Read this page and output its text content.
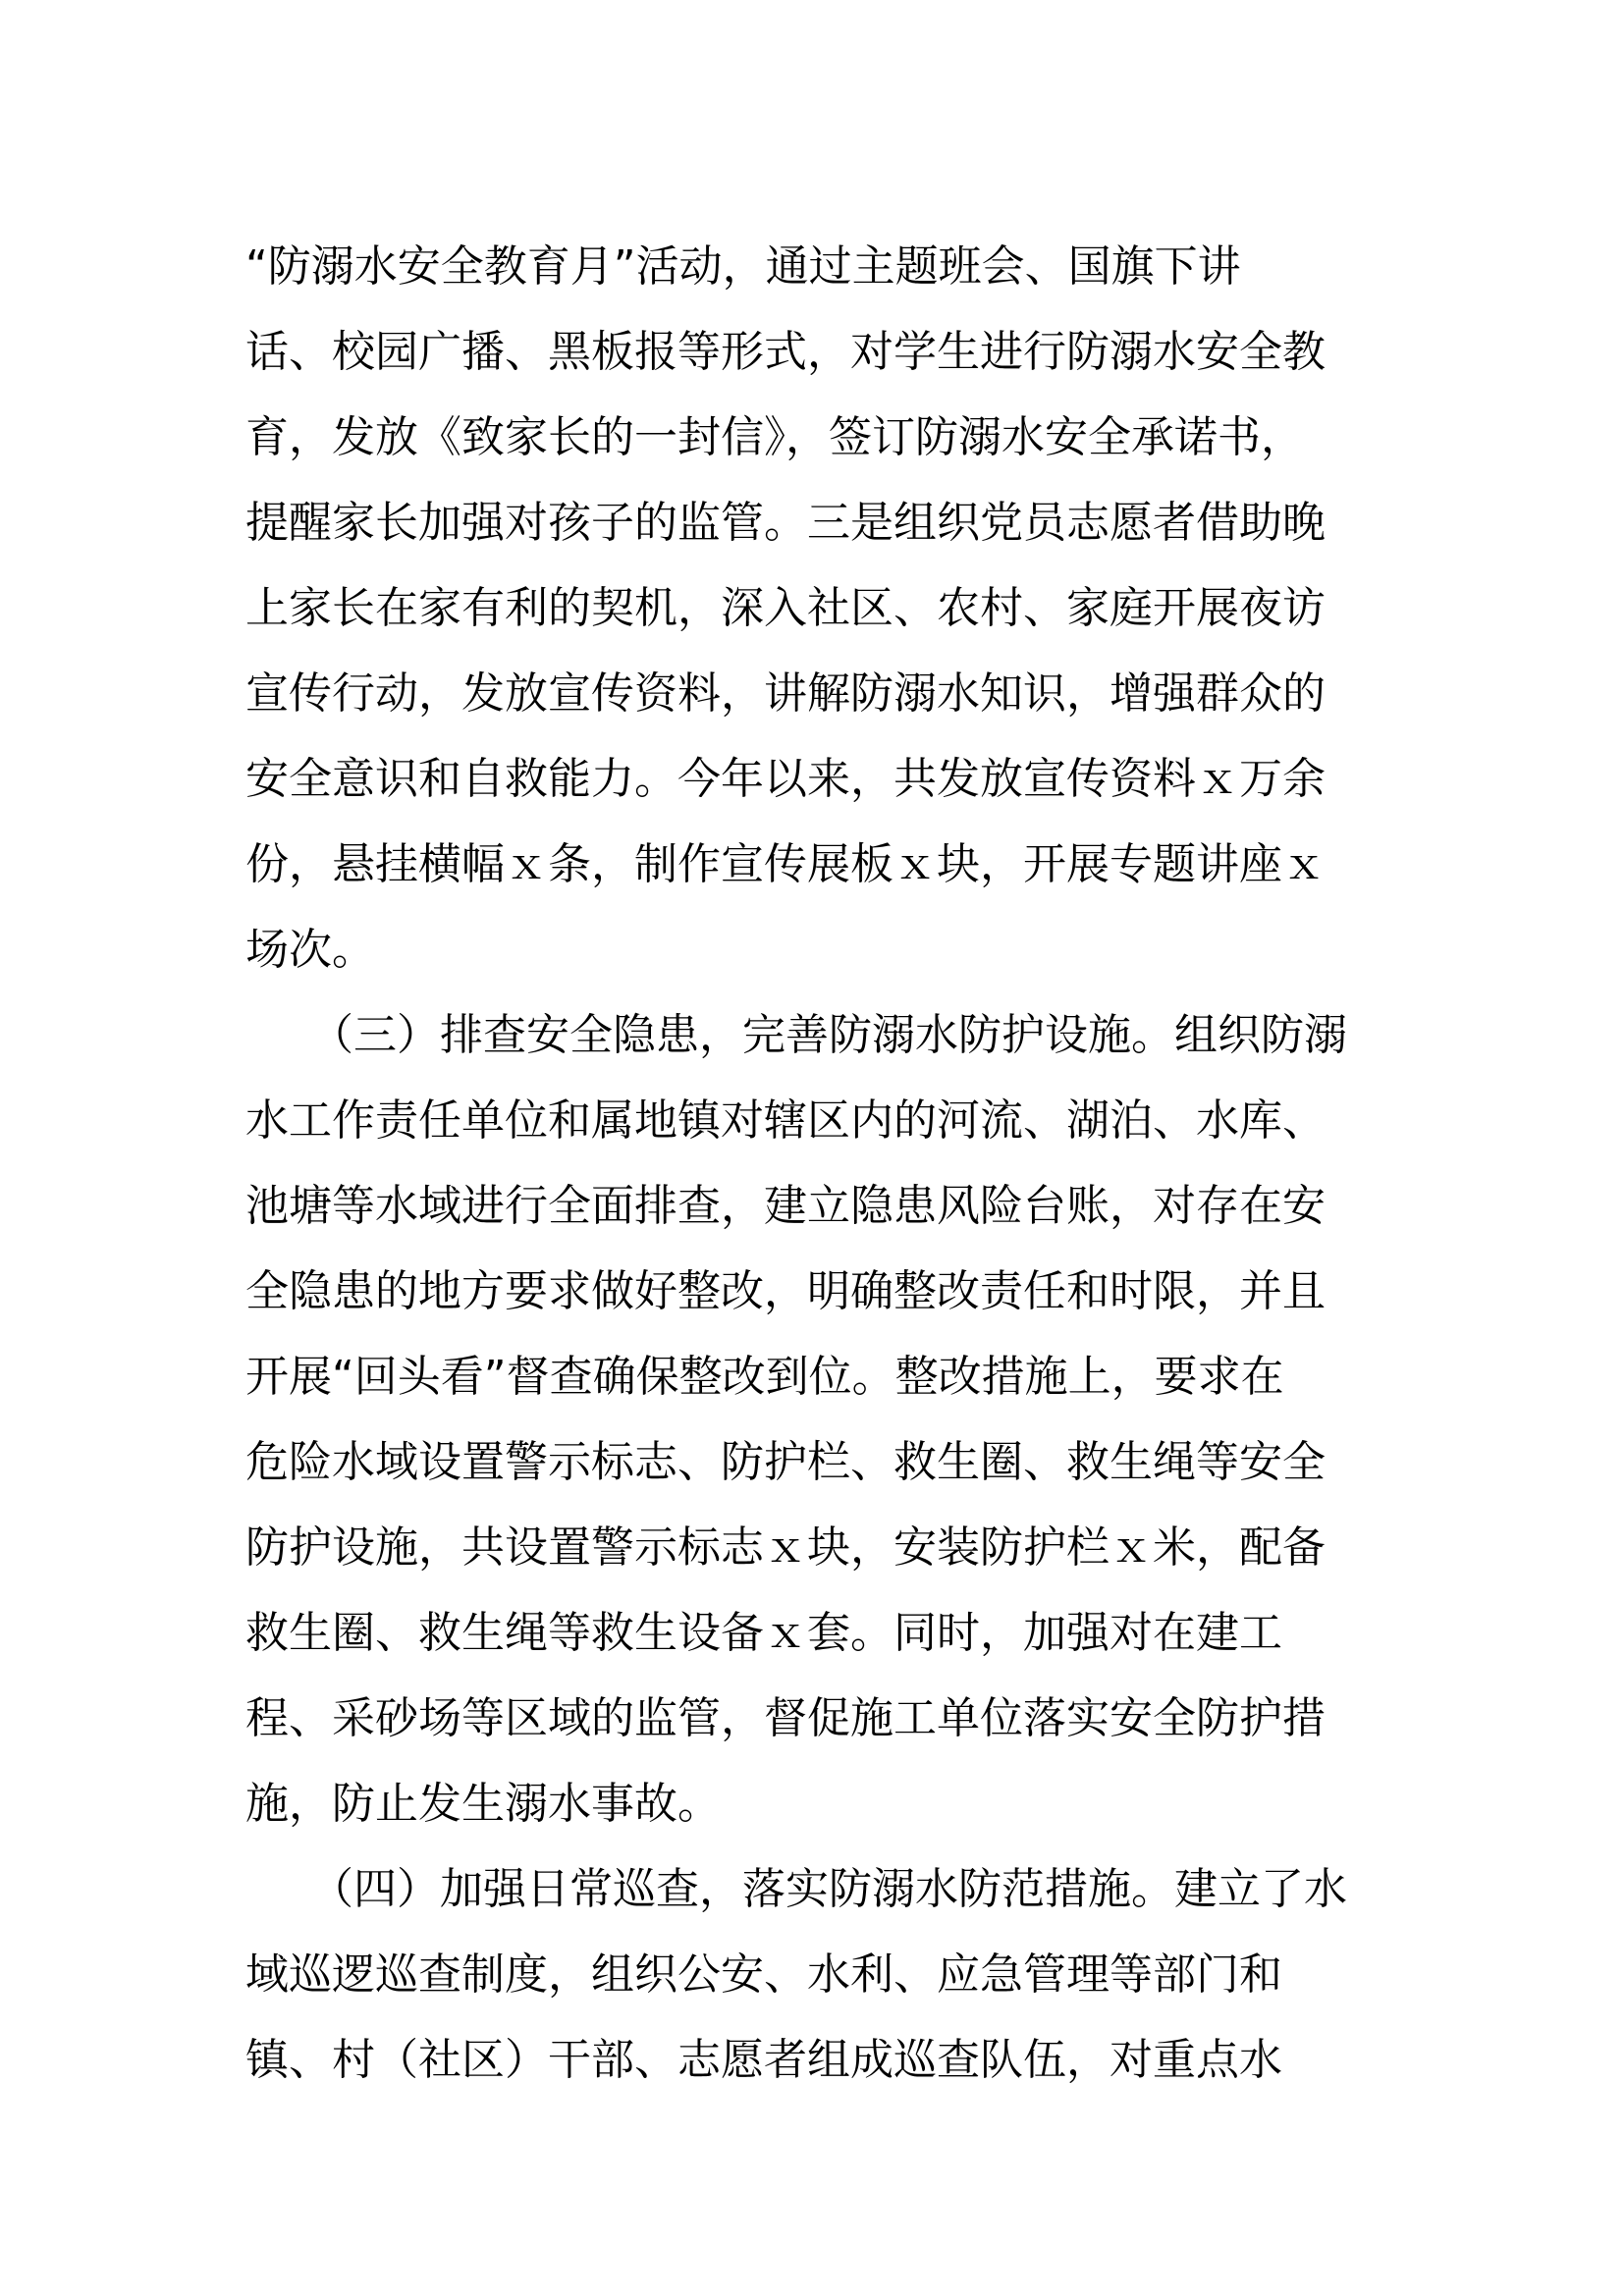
“防溺水安全教育月”活动，通过主题班会、国旗下讲
话、校园广播、黑板报等形式，对学生进行防溺水安全教
育，发放《致家长的一封信》，签订防溺水安全承诺书，
提醒家长加强对孩子的监管。三是组织党员志愿者借助晚
上家长在家有利的契机，深入社区、农村、家庭开展夜访
宣传行动，发放宣传资料，讲解防溺水知识，增强群众的
安全意识和自救能力。今年以来，共发放宣传资料ｘ万余
份，悬挂横幅ｘ条，制作宣传展板ｘ块，开展专题讲座ｘ
场次。
　　（三）排查安全隐患，完善防溺水防护设施。组织防溺
水工作责任单位和属地镇对辖区内的河流、湖泊、水库、
池塘等水域进行全面排查，建立隐患风险台账，对存在安
全隐患的地方要求做好整改，明确整改责任和时限，并且
开展“回头看”督查确保整改到位。整改措施上，要求在
危险水域设置警示标志、防护栏、救生圈、救生绳等安全
防护设施，共设置警示标志ｘ块，安装防护栏ｘ米，配备
救生圈、救生绳等救生设备ｘ套。同时，加强对在建工
程、采砂场等区域的监管，督促施工单位落实安全防护措
施，防止发生溺水事故。
　　（四）加强日常巡查，落实防溺水防范措施。建立了水
域巡逻巡查制度，组织公安、水利、应急管理等部门和
镇、村（社区）干部、志愿者组成巡查队伍，对重点水
